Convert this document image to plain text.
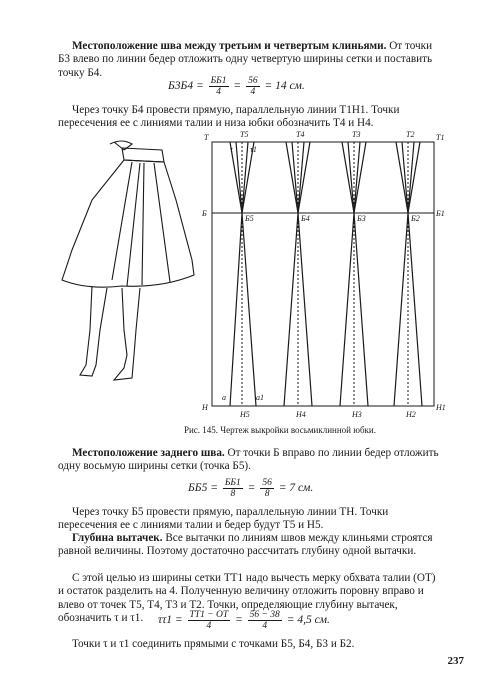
Местоположение шва между третьим и четвертым клиньями. От точки Б3 влево по линии бедер отложить одну четвертую ширины сетки и поставить точку Б4.
$Б3Б4 = \frac{ББ1}{4} = \frac{56}{4} = 14$ см.
Через точку Б4 провести прямую, параллельную линии Т1Н1. Точки пересечения ее с линиями талии и низа юбки обозначить Т4 и Н4.
Т	Т5	Т4	Т3	Т2	Т1
τ τ1
Б
Б5	Б4	Б3	Б2
Б1
а	а1
Н
Н5	Н4	Н3	Н2
Н1
Рис. 145. Чертеж выкройки восьмиклинной юбки.
Местоположение заднего шва. От точки Б вправо по линии бедер отложить одну восьмую ширины сетки (точка Б5).
$ББ5 = \frac{ББ1}{8} = \frac{56}{8} = 7$ см.
Через точку Б5 провести прямую, параллельную линии ТН. Точки пересечения ее с линиями талии и бедер будут Т5 и Н5.
Глубина вытачек. Все вытачки по линиям швов между клиньями строятся равной величины. Поэтому достаточно рассчитать глубину одной вытачки.
С этой целью из ширины сетки ТТ1 надо вычесть мерку обхвата талии (ОТ) и остаток разделить на 4. Полученную величину отложить поровну вправо и влево от точек Т5, Т4, Т3 и Т2. Точки, определяющие глубину вытачек, обозначить τ и τ1.	$\tau\tau 1 = \frac{ТТ1 - ОТ}{4} = \frac{56 - 38}{4} = 4,5$ см.
Точки τ и τ1 соединить прямыми с точками Б5, Б4, Б3 и Б2.
237
